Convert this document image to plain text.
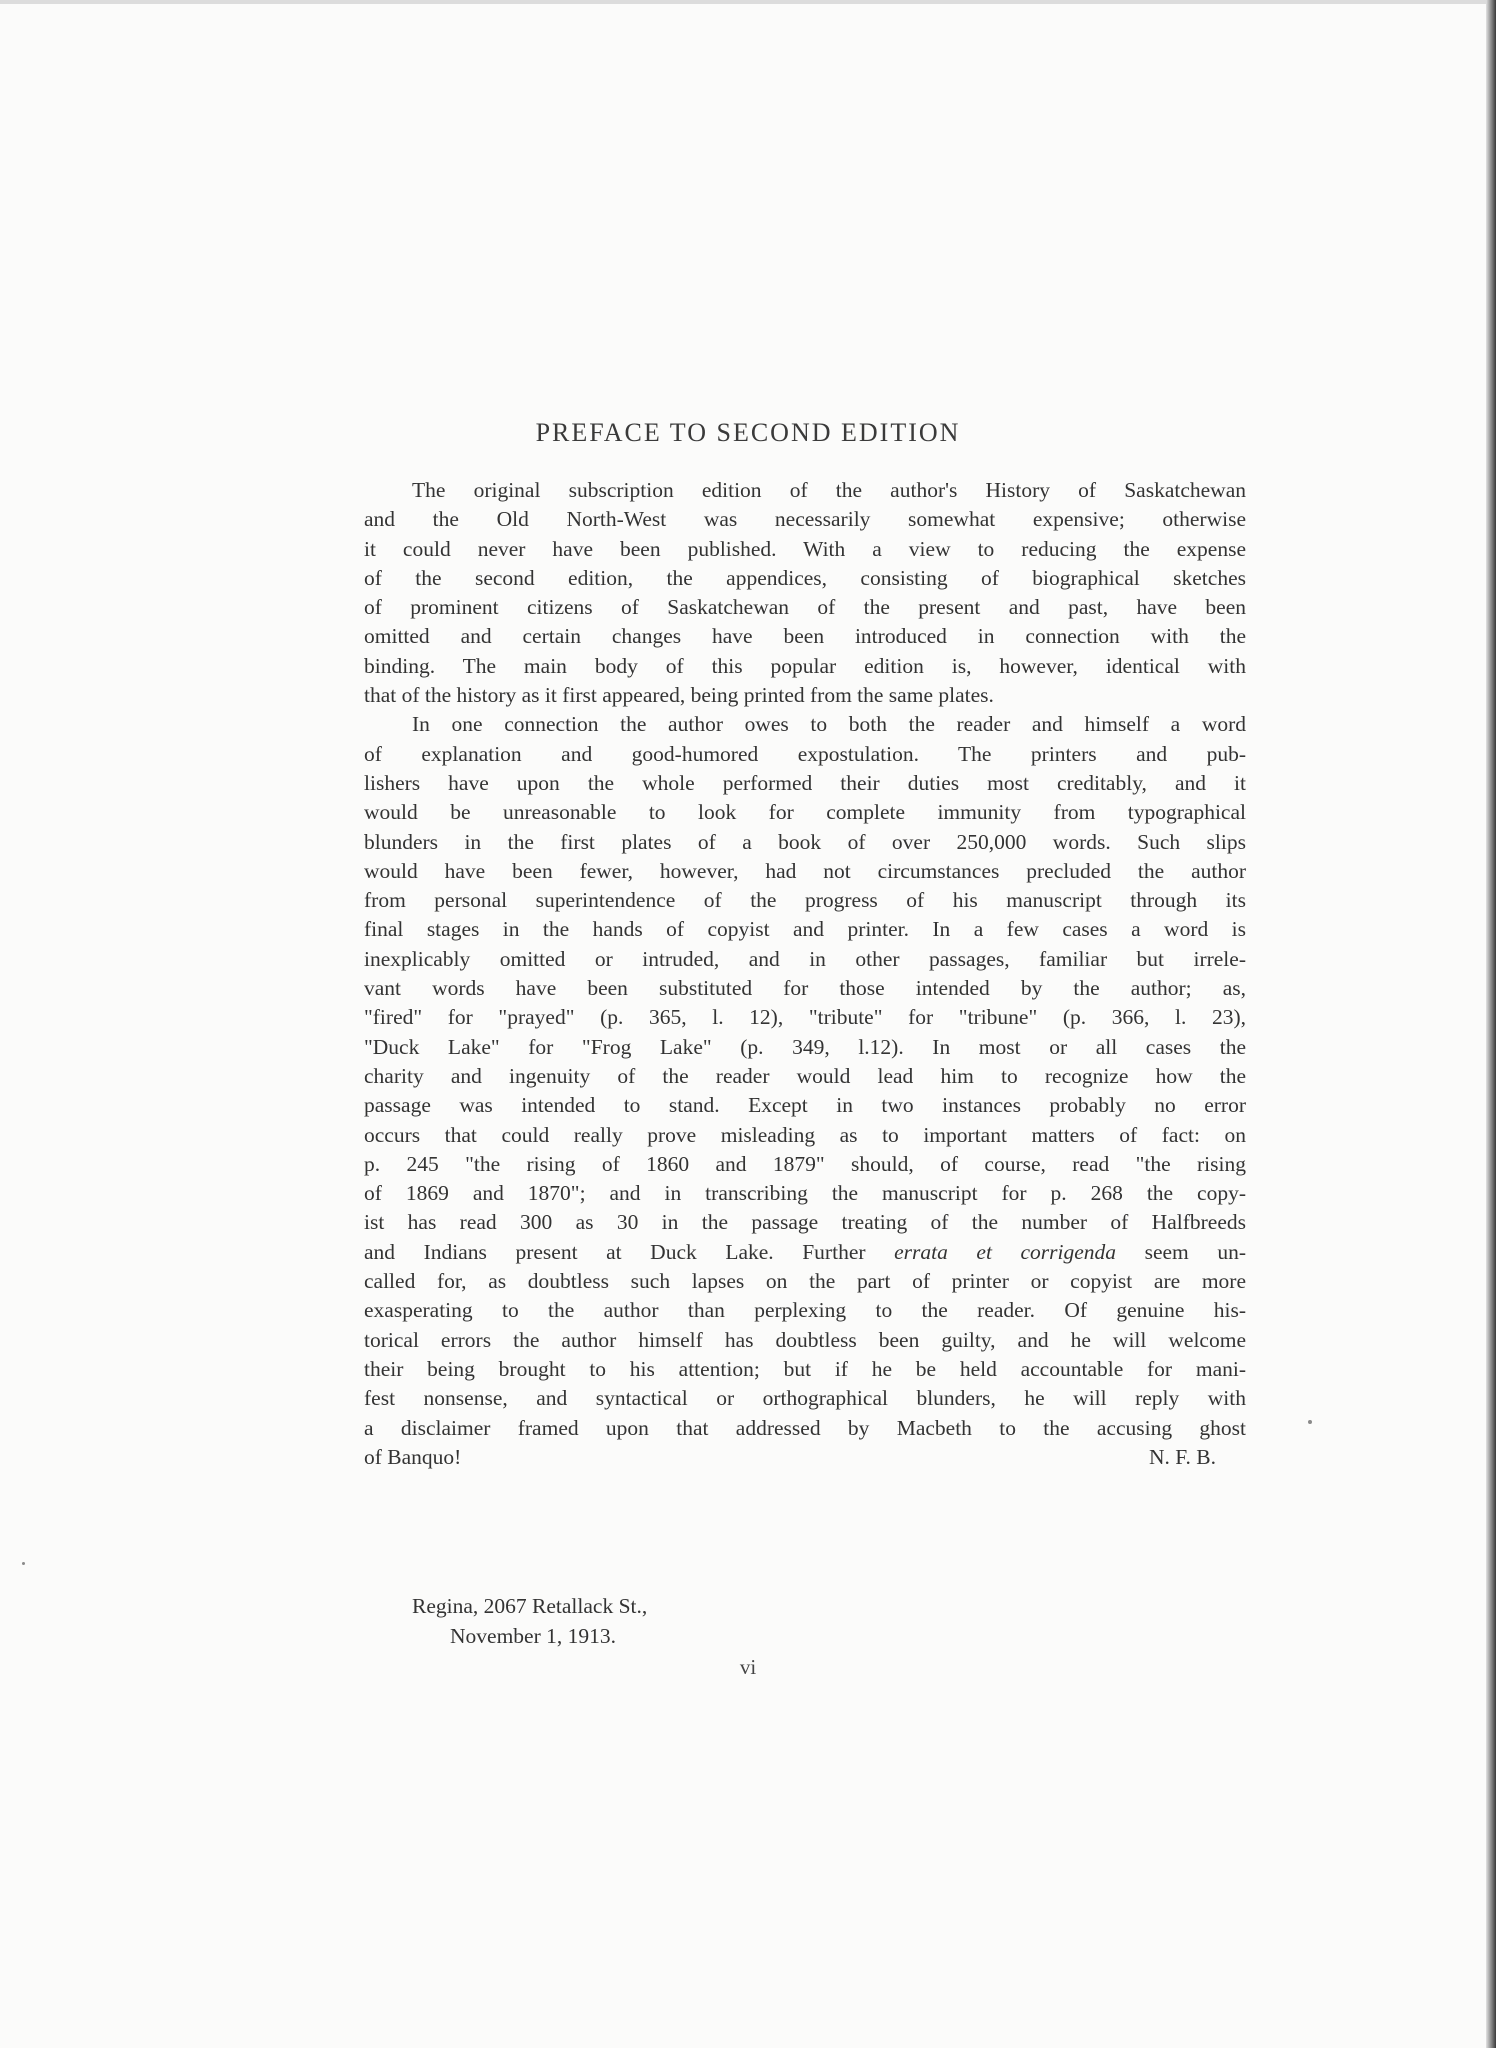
PREFACE TO SECOND EDITION
The original subscription edition of the author's History of Saskatchewan
and the Old North-West was necessarily somewhat expensive; otherwise
it could never have been published. With a view to reducing the expense
of the second edition, the appendices, consisting of biographical sketches
of prominent citizens of Saskatchewan of the present and past, have been
omitted and certain changes have been introduced in connection with the
binding. The main body of this popular edition is, however, identical with
that of the history as it first appeared, being printed from the same plates.
In one connection the author owes to both the reader and himself a word
of explanation and good-humored expostulation. The printers and pub-
lishers have upon the whole performed their duties most creditably, and it
would be unreasonable to look for complete immunity from typographical
blunders in the first plates of a book of over 250,000 words. Such slips
would have been fewer, however, had not circumstances precluded the author
from personal superintendence of the progress of his manuscript through its
final stages in the hands of copyist and printer. In a few cases a word is
inexplicably omitted or intruded, and in other passages, familiar but irrele-
vant words have been substituted for those intended by the author; as,
"fired" for "prayed" (p. 365, l. 12), "tribute" for "tribune" (p. 366, l. 23),
"Duck Lake" for "Frog Lake" (p. 349, l.12). In most or all cases the
charity and ingenuity of the reader would lead him to recognize how the
passage was intended to stand. Except in two instances probably no error
occurs that could really prove misleading as to important matters of fact: on
p. 245 "the rising of 1860 and 1879" should, of course, read "the rising
of 1869 and 1870"; and in transcribing the manuscript for p. 268 the copy-
ist has read 300 as 30 in the passage treating of the number of Halfbreeds
and Indians present at Duck Lake. Further errata et corrigenda seem un-
called for, as doubtless such lapses on the part of printer or copyist are more
exasperating to the author than perplexing to the reader. Of genuine his-
torical errors the author himself has doubtless been guilty, and he will welcome
their being brought to his attention; but if he be held accountable for mani-
fest nonsense, and syntactical or orthographical blunders, he will reply with
a disclaimer framed upon that addressed by Macbeth to the accusing ghost
of Banquo!	N. F. B.
Regina, 2067 Retallack St.,
November 1, 1913.
vi
